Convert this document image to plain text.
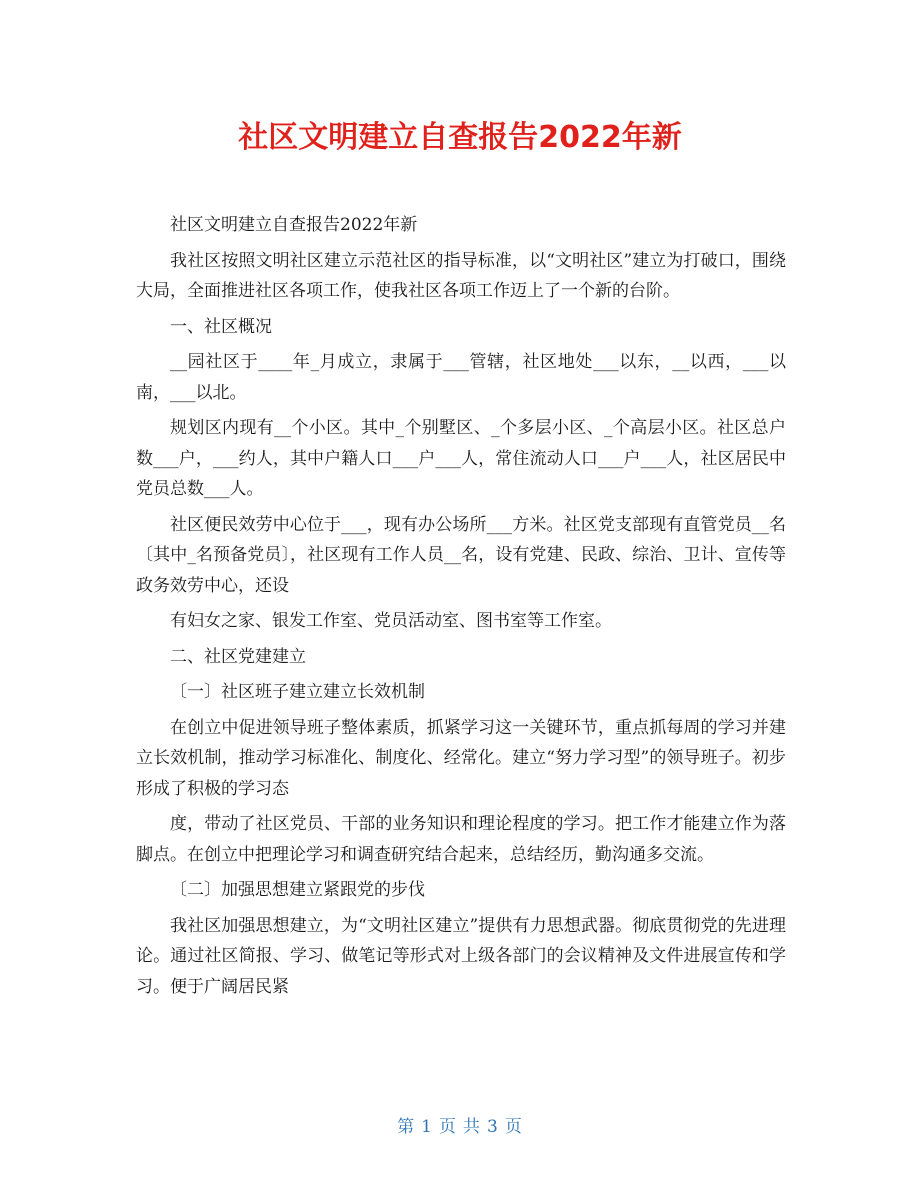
社区文明建立自查报告2022年新

社区文明建立自查报告2022年新

我社区按照文明社区建立示范社区的指导标准，以“文明社区”建立为打破口，围绕大局，全面推进社区各项工作，使我社区各项工作迈上了一个新的台阶。

一、社区概况

__园社区于____年_月成立，隶属于___管辖，社区地处___以东，__以西，___以南，___以北。

规划区内现有__个小区。其中_个别墅区、_个多层小区、_个高层小区。社区总户数___户，___约人，其中户籍人口___户___人，常住流动人口___户___人，社区居民中党员总数___人。

社区便民效劳中心位于___，现有办公场所___方米。社区党支部现有直管党员__名〔其中_名预备党员〕，社区现有工作人员__名，设有党建、民政、综治、卫计、宣传等政务效劳中心，还设

有妇女之家、银发工作室、党员活动室、图书室等工作室。

二、社区党建建立

〔一〕社区班子建立建立长效机制

在创立中促进领导班子整体素质，抓紧学习这一关键环节，重点抓每周的学习并建立长效机制，推动学习标准化、制度化、经常化。建立“努力学习型”的领导班子。初步形成了积极的学习态

度，带动了社区党员、干部的业务知识和理论程度的学习。把工作才能建立作为落脚点。在创立中把理论学习和调查研究结合起来，总结经历，勤沟通多交流。

〔二〕加强思想建立紧跟党的步伐

我社区加强思想建立，为“文明社区建立”提供有力思想武器。彻底贯彻党的先进理论。通过社区简报、学习、做笔记等形式对上级各部门的会议精神及文件进展宣传和学习。便于广阔居民紧

第 1 页 共 3 页
